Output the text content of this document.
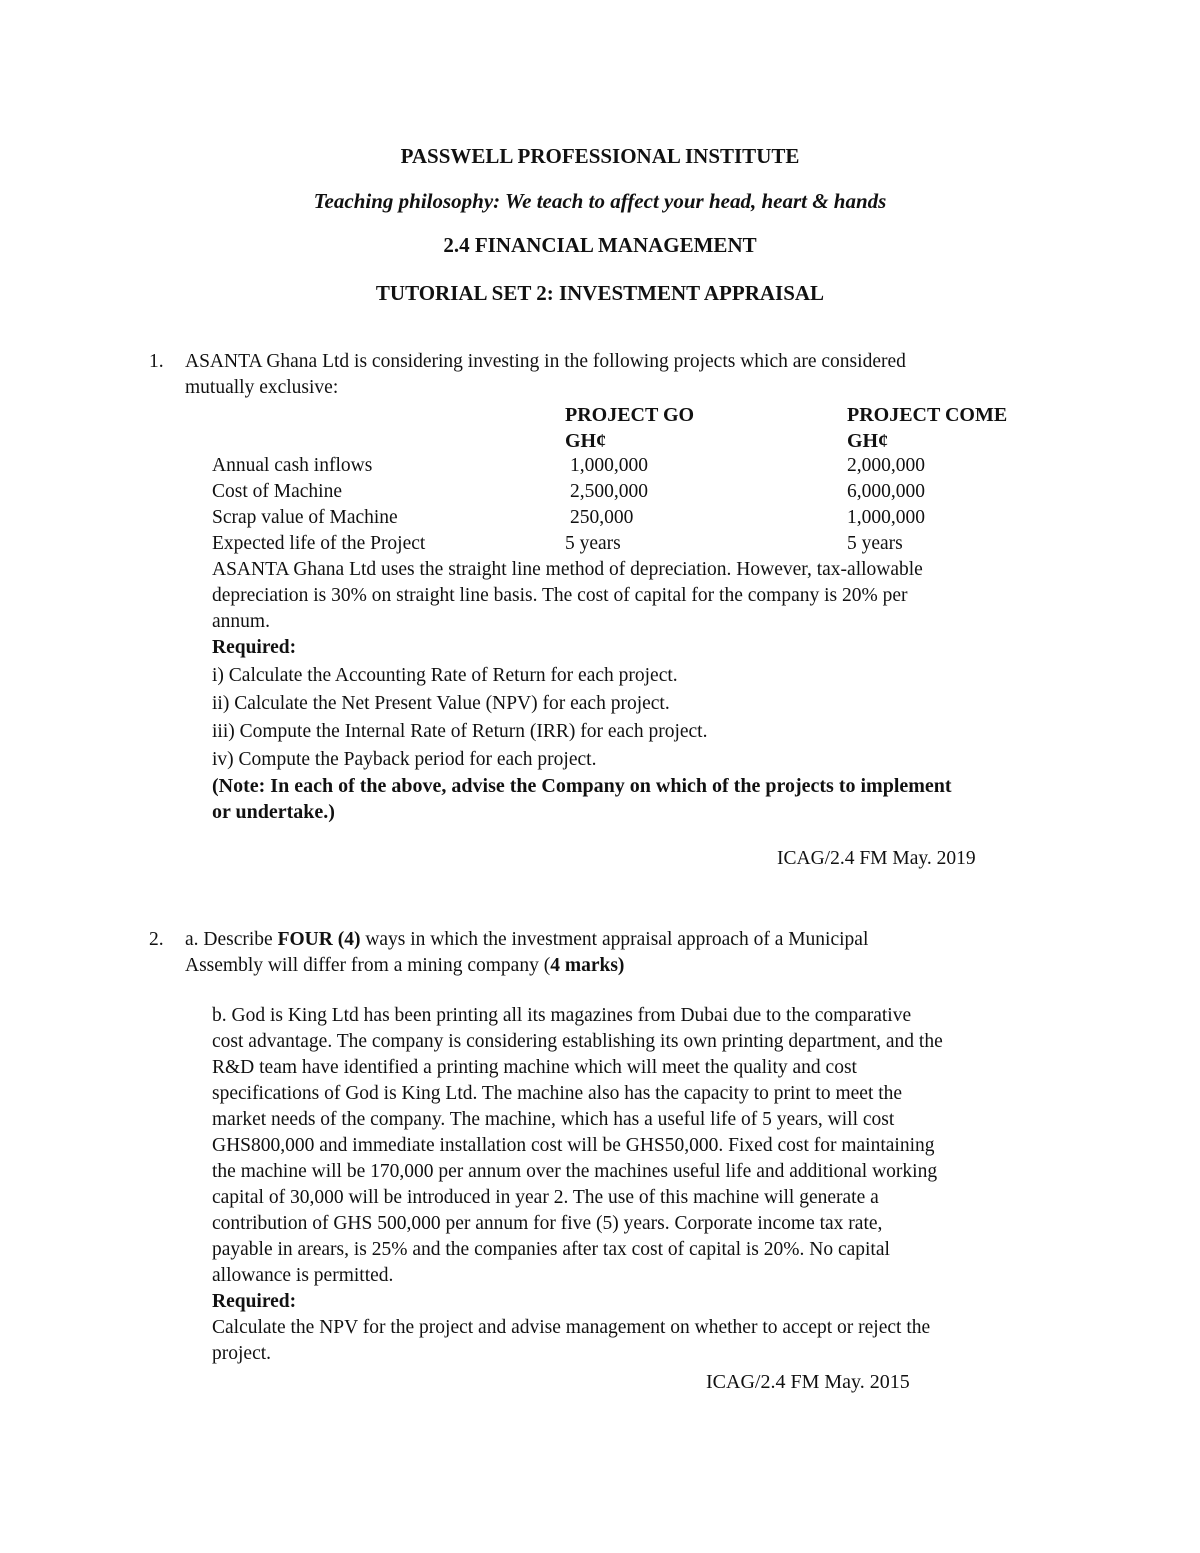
PASSWELL PROFESSIONAL INSTITUTE
Teaching philosophy: We teach to affect your head, heart & hands
2.4 FINANCIAL MANAGEMENT
TUTORIAL SET 2: INVESTMENT APPRAISAL
1. ASANTA Ghana Ltd is considering investing in the following projects which are considered
mutually exclusive:
PROJECT GO	PROJECT COME
GH¢	GH¢
Annual cash inflows	1,000,000	2,000,000
Cost of Machine	2,500,000	6,000,000
Scrap value of Machine	250,000	1,000,000
Expected life of the Project	5 years	5 years
ASANTA Ghana Ltd uses the straight line method of depreciation. However, tax-allowable
depreciation is 30% on straight line basis. The cost of capital for the company is 20% per
annum.
Required:
i) Calculate the Accounting Rate of Return for each project.
ii) Calculate the Net Present Value (NPV) for each project.
iii) Compute the Internal Rate of Return (IRR) for each project.
iv) Compute the Payback period for each project.
(Note: In each of the above, advise the Company on which of the projects to implement
or undertake.)
ICAG/2.4 FM May. 2019
2. a. Describe FOUR (4) ways in which the investment appraisal approach of a Municipal
Assembly will differ from a mining company (4 marks)
b. God is King Ltd has been printing all its magazines from Dubai due to the comparative
cost advantage. The company is considering establishing its own printing department, and the
R&D team have identified a printing machine which will meet the quality and cost
specifications of God is King Ltd. The machine also has the capacity to print to meet the
market needs of the company. The machine, which has a useful life of 5 years, will cost
GHS800,000 and immediate installation cost will be GHS50,000. Fixed cost for maintaining
the machine will be 170,000 per annum over the machines useful life and additional working
capital of 30,000 will be introduced in year 2. The use of this machine will generate a
contribution of GHS 500,000 per annum for five (5) years. Corporate income tax rate,
payable in arears, is 25% and the companies after tax cost of capital is 20%. No capital
allowance is permitted.
Required:
Calculate the NPV for the project and advise management on whether to accept or reject the
project.
ICAG/2.4 FM May. 2015
